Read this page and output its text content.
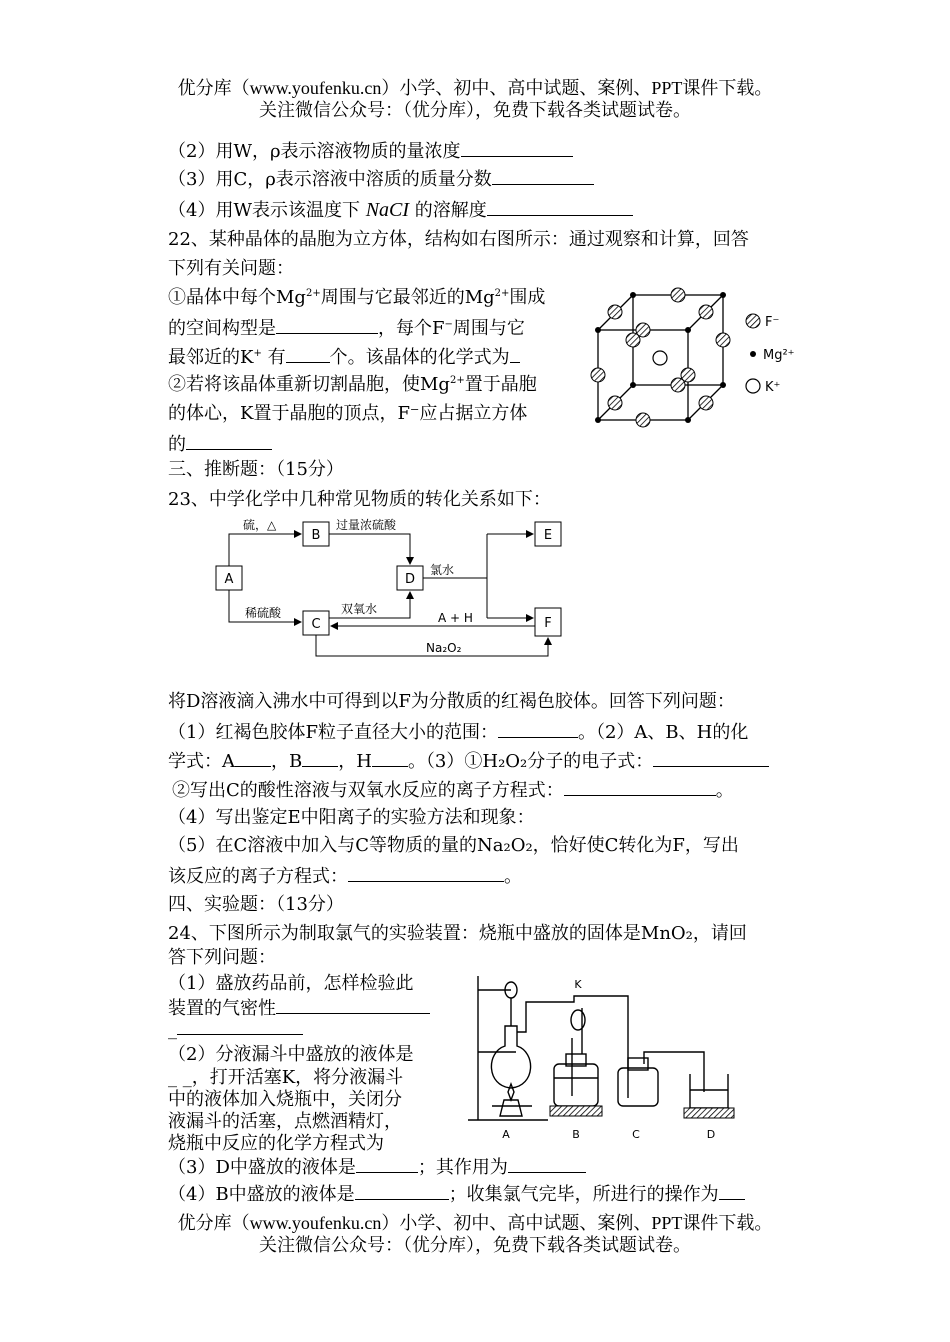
优分库（www.youfenku.cn）小学、初中、高中试题、案例、PPT课件下载。
关注微信公众号：（优分库），免费下载各类试题试卷。
（2）用W，ρ表示溶液物质的量浓度
（3）用C，ρ表示溶液中溶质的质量分数
（4）用W表示该温度下 NaCI 的溶解度
22、某种晶体的晶胞为立方体，结构如右图所示：通过观察和计算，回答
下列有关问题：
①晶体中每个$Mg^{2+}$周围与它最邻近的$Mg^{2+}$围成
的空间构型是	，每个F−周围与它
最邻近的K+ 有 个。该晶体的化学式为
②若将该晶体重新切割晶胞，使$Mg^{2+}$置于晶胞
的体心，K置于晶胞的顶点，F⁻应占据立方体
的
F⁻
Mg²⁺
K⁺
三、推断题：（15分）
23、中学化学中几种常见物质的转化关系如下：
A
B
C
D
E
F
硫，△	过量浓硫酸
稀硫酸	双氧水
氯水
A + H
Na₂O₂
将D溶液滴入沸水中可得到以F为分散质的红褐色胶体。回答下列问题：
（1）红褐色胶体F粒子直径大小的范围：	。（2）A、B、H的化
学式：A ，B ，H 。（3）①H₂O₂分子的电子式：
②写出C的酸性溶液与双氧水反应的离子方程式：	。
（4）写出鉴定E中阳离子的实验方法和现象：
（5）在C溶液中加入与C等物质的量的Na₂O₂，恰好使C转化为F，写出
该反应的离子方程式：	。
四、实验题：（13分）
24、下图所示为制取氯气的实验装置：烧瓶中盛放的固体是MnO₂，请回
答下列问题：
（1）盛放药品前，怎样检验此
装置的气密性
_
（2）分液漏斗中盛放的液体是
_ _，打开活塞K，将分液漏斗
中的液体加入烧瓶中，关闭分
液漏斗的活塞，点燃酒精灯，
烧瓶中反应的化学方程式为
（3）D中盛放的液体是	；其作用为
（4）B中盛放的液体是	；收集氯气完毕，所进行的操作为
A	B	C	D
K
优分库（www.youfenku.cn）小学、初中、高中试题、案例、PPT课件下载。
关注微信公众号：（优分库），免费下载各类试题试卷。
